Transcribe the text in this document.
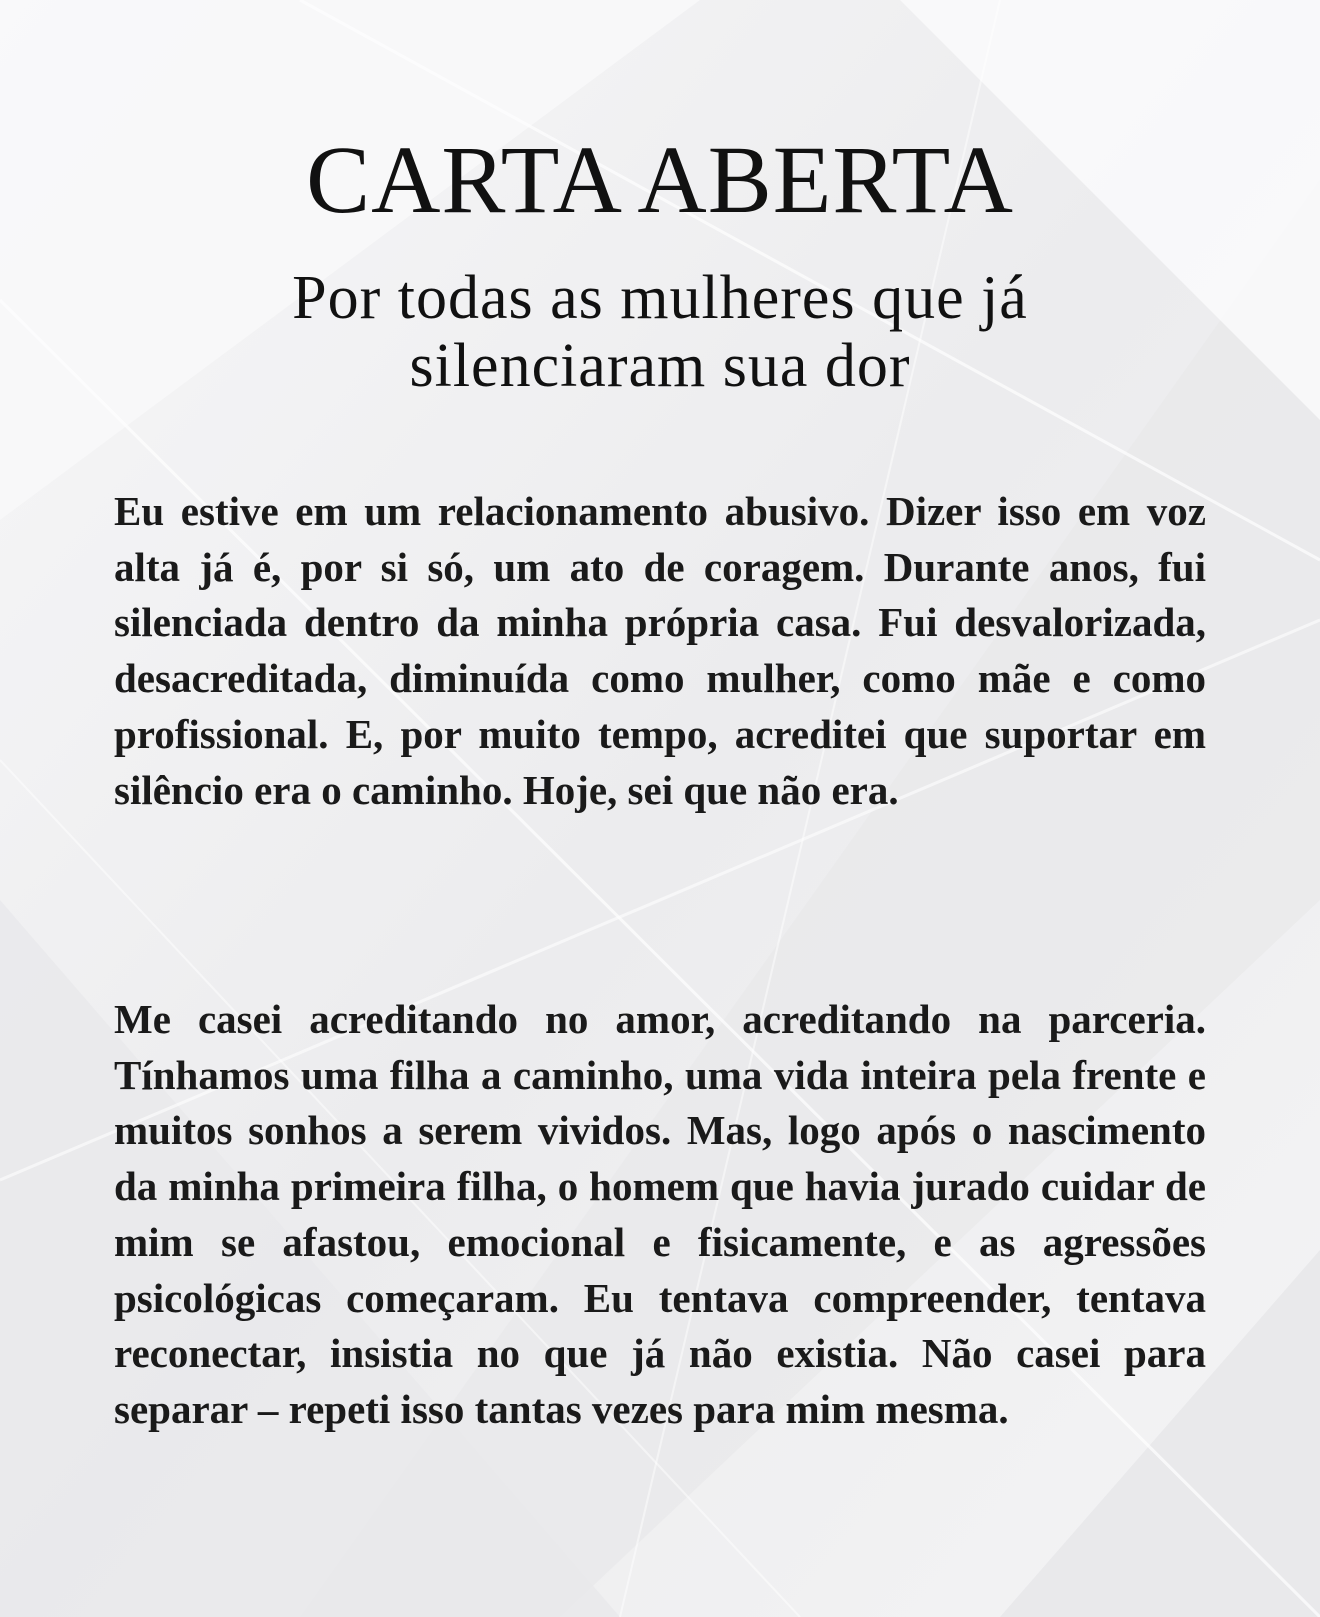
CARTA ABERTA
Por todas as mulheres que já silenciaram sua dor

Eu estive em um relacionamento abusivo. Dizer isso em voz alta já é, por si só, um ato de coragem. Durante anos, fui silenciada dentro da minha própria casa. Fui desvalorizada, desacreditada, diminuída como mulher, como mãe e como profissional. E, por muito tempo, acreditei que suportar em silêncio era o caminho. Hoje, sei que não era.

Me casei acreditando no amor, acreditando na parceria. Tínhamos uma filha a caminho, uma vida inteira pela frente e muitos sonhos a serem vividos. Mas, logo após o nascimento da minha primeira filha, o homem que havia jurado cuidar de mim se afastou, emocional e fisicamente, e as agressões psicológicas começaram. Eu tentava compreender, tentava reconectar, insistia no que já não existia. Não casei para separar – repeti isso tantas vezes para mim mesma.
